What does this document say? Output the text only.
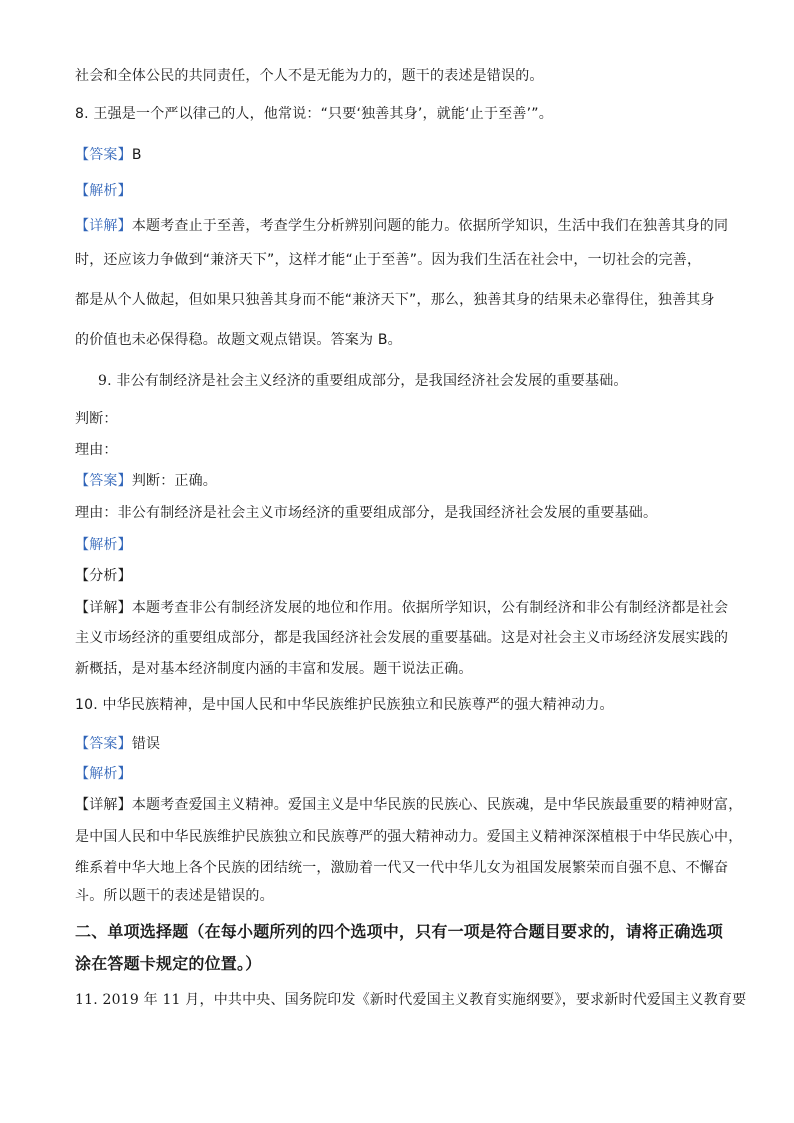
社会和全体公民的共同责任，个人不是无能为力的，题干的表述是错误的。
8. 王强是一个严以律己的人，他常说：“只要‘独善其身’，就能‘止于至善’”。
【答案】B
【解析】
【详解】本题考查止于至善，考查学生分析辨别问题的能力。依据所学知识，生活中我们在独善其身的同
时，还应该力争做到“兼济天下”，这样才能“止于至善”。因为我们生活在社会中，一切社会的完善，
都是从个人做起，但如果只独善其身而不能“兼济天下”，那么，独善其身的结果未必靠得住，独善其身
的价值也未必保得稳。故题文观点错误。答案为 B。
9. 非公有制经济是社会主义经济的重要组成部分，是我国经济社会发展的重要基础。
判断：
理由：
【答案】判断：正确。
理由：非公有制经济是社会主义市场经济的重要组成部分，是我国经济社会发展的重要基础。
【解析】
【分析】
【详解】本题考查非公有制经济发展的地位和作用。依据所学知识，公有制经济和非公有制经济都是社会
主义市场经济的重要组成部分，都是我国经济社会发展的重要基础。这是对社会主义市场经济发展实践的
新概括，是对基本经济制度内涵的丰富和发展。题干说法正确。
10. 中华民族精神，是中国人民和中华民族维护民族独立和民族尊严的强大精神动力。
【答案】错误
【解析】
【详解】本题考查爱国主义精神。爱国主义是中华民族的民族心、民族魂，是中华民族最重要的精神财富，
是中国人民和中华民族维护民族独立和民族尊严的强大精神动力。爱国主义精神深深植根于中华民族心中，
维系着中华大地上各个民族的团结统一，激励着一代又一代中华儿女为祖国发展繁荣而自强不息、不懈奋
斗。所以题干的表述是错误的。
二、单项选择题（在每小题所列的四个选项中，只有一项是符合题目要求的，请将正确选项
涂在答题卡规定的位置。）
11. 2019 年 11 月，中共中央、国务院印发《新时代爱国主义教育实施纲要》，要求新时代爱国主义教育要
